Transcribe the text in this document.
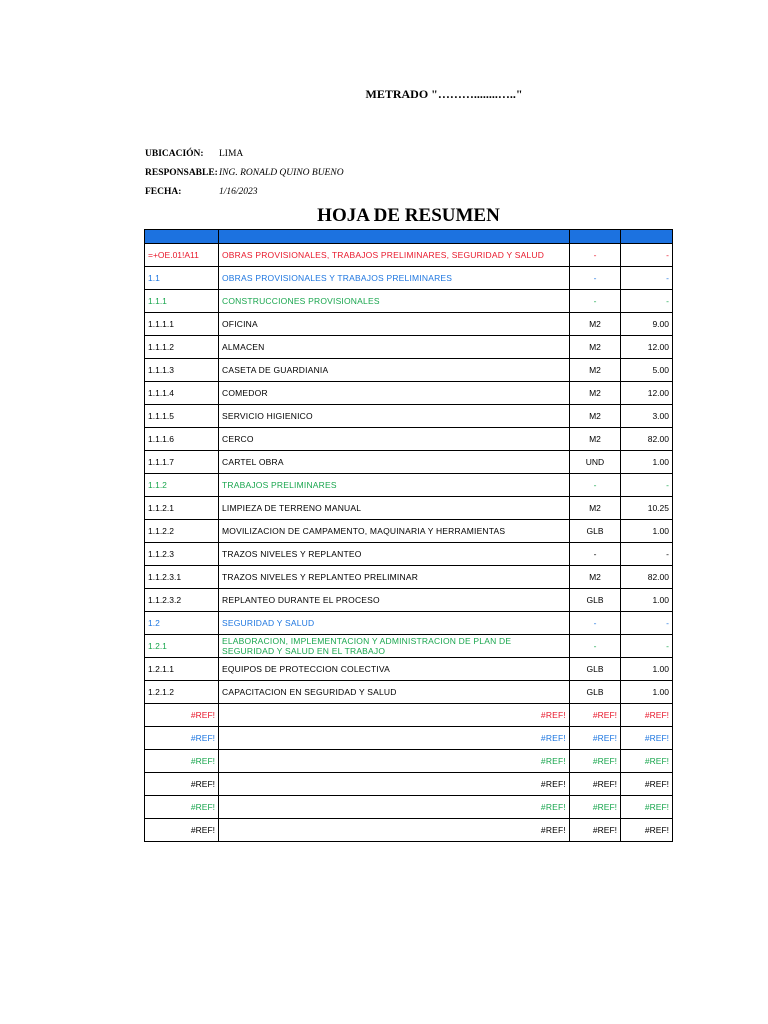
METRADO "………........….."
UBICACIÓN: LIMA
RESPONSABLE: ING. RONALD QUINO BUENO
FECHA:	1/16/2023
HOJA DE RESUMEN

=+OE.01!A11	OBRAS PROVISIONALES, TRABAJOS PRELIMINARES, SEGURIDAD Y SALUD	-	-
1.1	OBRAS PROVISIONALES Y TRABAJOS PRELIMINARES	-	-
1.1.1	CONSTRUCCIONES PROVISIONALES	-	-
1.1.1.1	OFICINA	M2	9.00
1.1.1.2	ALMACEN	M2	12.00
1.1.1.3	CASETA DE GUARDIANIA	M2	5.00
1.1.1.4	COMEDOR	M2	12.00
1.1.1.5	SERVICIO HIGIENICO	M2	3.00
1.1.1.6	CERCO	M2	82.00
1.1.1.7	CARTEL OBRA	UND	1.00
1.1.2	TRABAJOS PRELIMINARES	-	-
1.1.2.1	LIMPIEZA DE TERRENO MANUAL	M2	10.25
1.1.2.2	MOVILIZACION DE CAMPAMENTO, MAQUINARIA Y HERRAMIENTAS	GLB	1.00
1.1.2.3	TRAZOS NIVELES Y REPLANTEO	-	-
1.1.2.3.1	TRAZOS NIVELES Y REPLANTEO PRELIMINAR	M2	82.00
1.1.2.3.2	REPLANTEO DURANTE EL PROCESO	GLB	1.00
1.2	SEGURIDAD Y SALUD	-	-
1.2.1	ELABORACION, IMPLEMENTACION Y ADMINISTRACION DE PLAN DE SEGURIDAD Y SALUD EN EL TRABAJO	-	-
1.2.1.1	EQUIPOS DE PROTECCION COLECTIVA	GLB	1.00
1.2.1.2	CAPACITACION EN SEGURIDAD Y SALUD	GLB	1.00
#REF!	#REF!	#REF!	#REF!
#REF!	#REF!	#REF!	#REF!
#REF!	#REF!	#REF!	#REF!
#REF!	#REF!	#REF!	#REF!
#REF!	#REF!	#REF!	#REF!
#REF!	#REF!	#REF!	#REF!
